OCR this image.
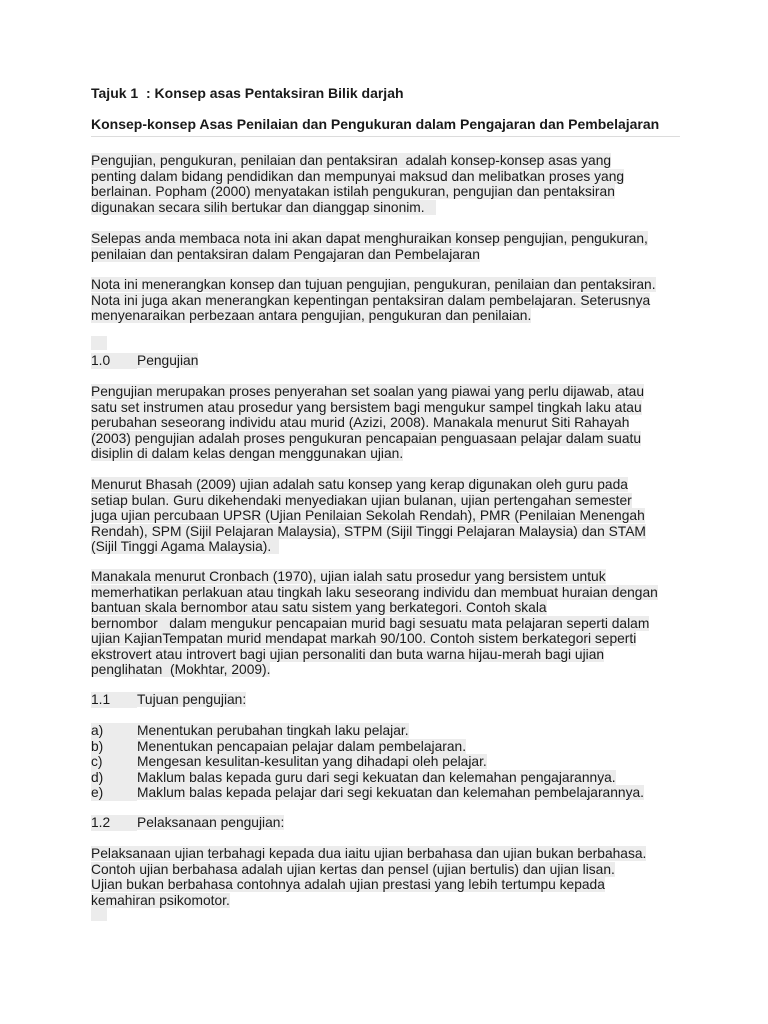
Tajuk 1  : Konsep asas Pentaksiran Bilik darjah
Konsep-konsep Asas Penilaian dan Pengukuran dalam Pengajaran dan Pembelajaran
Pengujian, pengukuran, penilaian dan pentaksiran  adalah konsep-konsep asas yang
penting dalam bidang pendidikan dan mempunyai maksud dan melibatkan proses yang
berlainan. Popham (2000) menyatakan istilah pengukuran, pengujian dan pentaksiran
digunakan secara silih bertukar dan dianggap sinonim.
Selepas anda membaca nota ini akan dapat menghuraikan konsep pengujian, pengukuran,
penilaian dan pentaksiran dalam Pengajaran dan Pembelajaran
Nota ini menerangkan konsep dan tujuan pengujian, pengukuran, penilaian dan pentaksiran.
Nota ini juga akan menerangkan kepentingan pentaksiran dalam pembelajaran. Seterusnya
menyenaraikan perbezaan antara pengujian, pengukuran dan penilaian.
1.0 Pengujian
Pengujian merupakan proses penyerahan set soalan yang piawai yang perlu dijawab, atau
satu set instrumen atau prosedur yang bersistem bagi mengukur sampel tingkah laku atau
perubahan seseorang individu atau murid (Azizi, 2008). Manakala menurut Siti Rahayah
(2003) pengujian adalah proses pengukuran pencapaian penguasaan pelajar dalam suatu
disiplin di dalam kelas dengan menggunakan ujian.
Menurut Bhasah (2009) ujian adalah satu konsep yang kerap digunakan oleh guru pada
setiap bulan. Guru dikehendaki menyediakan ujian bulanan, ujian pertengahan semester
juga ujian percubaan UPSR (Ujian Penilaian Sekolah Rendah), PMR (Penilaian Menengah
Rendah), SPM (Sijil Pelajaran Malaysia), STPM (Sijil Tinggi Pelajaran Malaysia) dan STAM
(Sijil Tinggi Agama Malaysia).
Manakala menurut Cronbach (1970), ujian ialah satu prosedur yang bersistem untuk
memerhatikan perlakuan atau tingkah laku seseorang individu dan membuat huraian dengan
bantuan skala bernombor atau satu sistem yang berkategori. Contoh skala
bernombor   dalam mengukur pencapaian murid bagi sesuatu mata pelajaran seperti dalam
ujian KajianTempatan murid mendapat markah 90/100. Contoh sistem berkategori seperti
ekstrovert atau introvert bagi ujian personaliti dan buta warna hijau-merah bagi ujian
penglihatan  (Mokhtar, 2009).
1.1 Tujuan pengujian:
a) Menentukan perubahan tingkah laku pelajar.
b) Menentukan pencapaian pelajar dalam pembelajaran.
c)	Mengesan kesulitan-kesulitan yang dihadapi oleh pelajar.
d) Maklum balas kepada guru dari segi kekuatan dan kelemahan pengajarannya.
e) Maklum balas kepada pelajar dari segi kekuatan dan kelemahan pembelajarannya.
1.2 Pelaksanaan pengujian:
Pelaksanaan ujian terbahagi kepada dua iaitu ujian berbahasa dan ujian bukan berbahasa.
Contoh ujian berbahasa adalah ujian kertas dan pensel (ujian bertulis) dan ujian lisan.
Ujian bukan berbahasa contohnya adalah ujian prestasi yang lebih tertumpu kepada
kemahiran psikomotor.
